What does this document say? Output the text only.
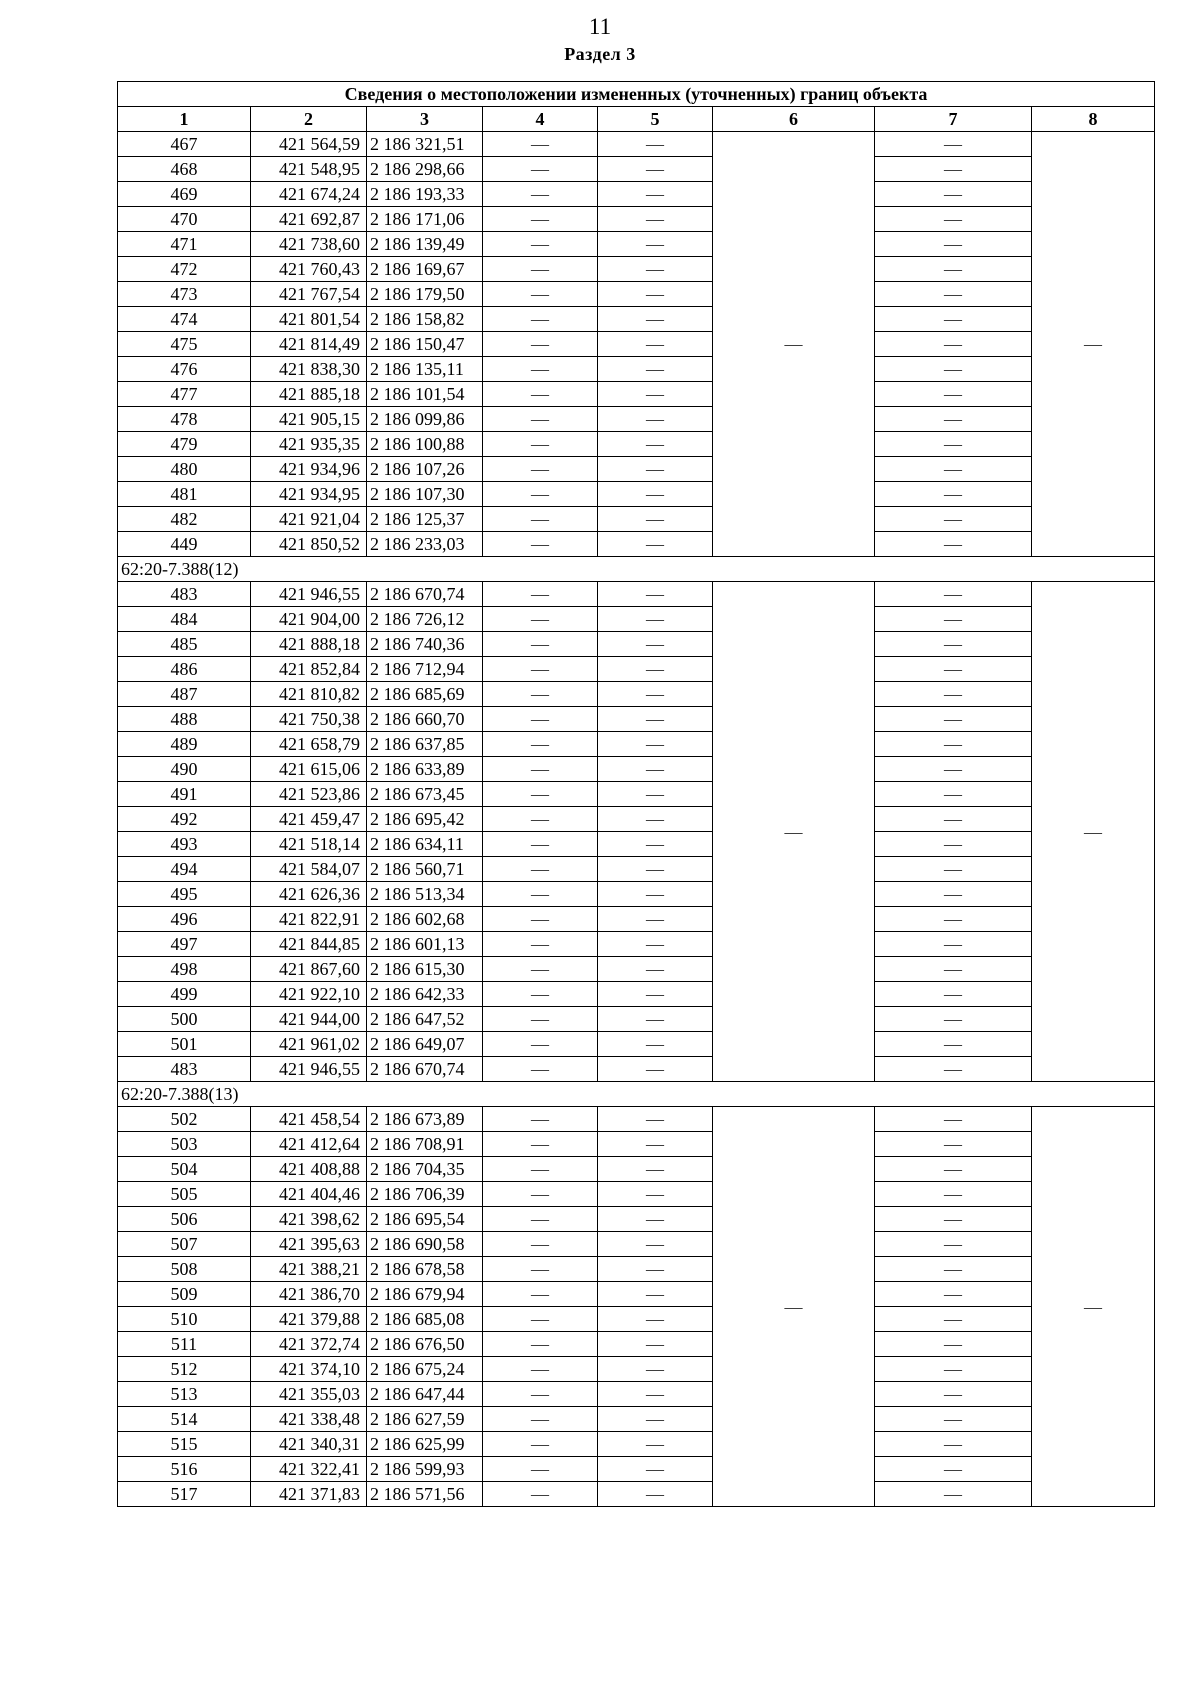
11
Раздел 3
Сведения о местоположении измененных (уточненных) границ объекта							
1	2	3	4	5	6	7	8
467	421 564,59	2 186 321,51	—	—	—	—	—
468	421 548,95	2 186 298,66	—	—		—	
469	421 674,24	2 186 193,33	—	—		—	
470	421 692,87	2 186 171,06	—	—		—	
471	421 738,60	2 186 139,49	—	—		—	
472	421 760,43	2 186 169,67	—	—		—	
473	421 767,54	2 186 179,50	—	—		—	
474	421 801,54	2 186 158,82	—	—		—	
475	421 814,49	2 186 150,47	—	—		—	
476	421 838,30	2 186 135,11	—	—		—	
477	421 885,18	2 186 101,54	—	—		—	
478	421 905,15	2 186 099,86	—	—		—	
479	421 935,35	2 186 100,88	—	—		—	
480	421 934,96	2 186 107,26	—	—		—	
481	421 934,95	2 186 107,30	—	—		—	
482	421 921,04	2 186 125,37	—	—		—	
449	421 850,52	2 186 233,03	—	—		—	
62:20-7.388(12)							
483	421 946,55	2 186 670,74	—	—	—	—	—
484	421 904,00	2 186 726,12	—	—		—	
485	421 888,18	2 186 740,36	—	—		—	
486	421 852,84	2 186 712,94	—	—		—	
487	421 810,82	2 186 685,69	—	—		—	
488	421 750,38	2 186 660,70	—	—		—	
489	421 658,79	2 186 637,85	—	—		—	
490	421 615,06	2 186 633,89	—	—		—	
491	421 523,86	2 186 673,45	—	—		—	
492	421 459,47	2 186 695,42	—	—		—	
493	421 518,14	2 186 634,11	—	—		—	
494	421 584,07	2 186 560,71	—	—		—	
495	421 626,36	2 186 513,34	—	—		—	
496	421 822,91	2 186 602,68	—	—		—	
497	421 844,85	2 186 601,13	—	—		—	
498	421 867,60	2 186 615,30	—	—		—	
499	421 922,10	2 186 642,33	—	—		—	
500	421 944,00	2 186 647,52	—	—		—	
501	421 961,02	2 186 649,07	—	—		—	
483	421 946,55	2 186 670,74	—	—		—	
62:20-7.388(13)							
502	421 458,54	2 186 673,89	—	—	—	—	—
503	421 412,64	2 186 708,91	—	—		—	
504	421 408,88	2 186 704,35	—	—		—	
505	421 404,46	2 186 706,39	—	—		—	
506	421 398,62	2 186 695,54	—	—		—	
507	421 395,63	2 186 690,58	—	—		—	
508	421 388,21	2 186 678,58	—	—		—	
509	421 386,70	2 186 679,94	—	—		—	
510	421 379,88	2 186 685,08	—	—		—	
511	421 372,74	2 186 676,50	—	—		—	
512	421 374,10	2 186 675,24	—	—		—	
513	421 355,03	2 186 647,44	—	—		—	
514	421 338,48	2 186 627,59	—	—		—	
515	421 340,31	2 186 625,99	—	—		—	
516	421 322,41	2 186 599,93	—	—		—	
517	421 371,83	2 186 571,56	—	—		—	
